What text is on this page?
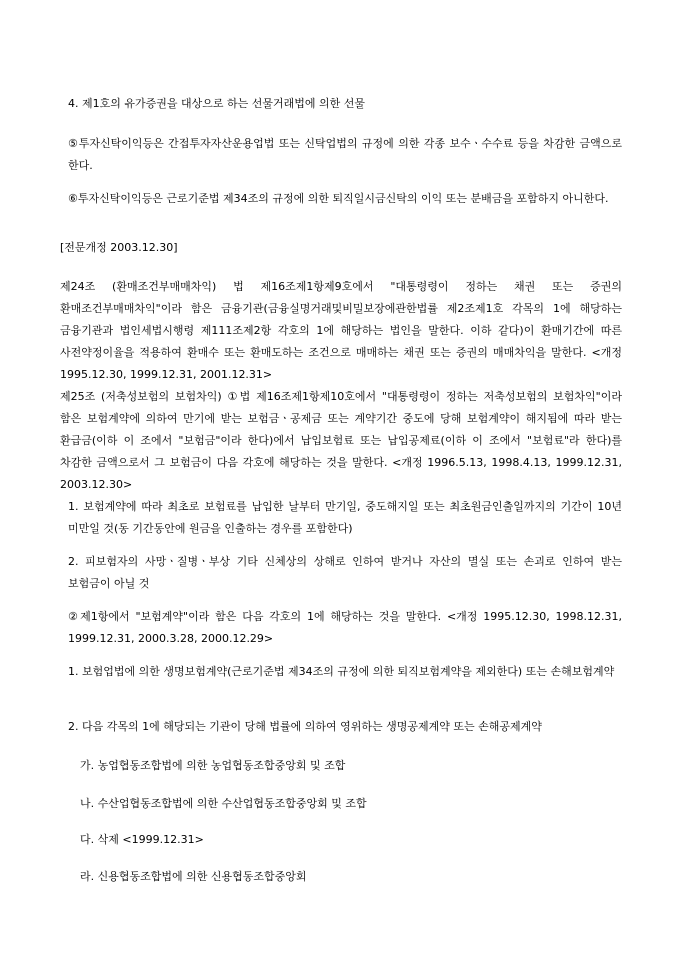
4. 제1호의 유가증권을 대상으로 하는 선물거래법에 의한 선물

⑤투자신탁이익등은 간접투자자산운용업법 또는 신탁업법의 규정에 의한 각종 보수ㆍ수수료 등을 차감한 금액으로 한다.

⑥투자신탁이익등은 근로기준법 제34조의 규정에 의한 퇴직일시금신탁의 이익 또는 분배금을 포함하지 아니한다.

[전문개정 2003.12.30]

제24조 (환매조건부매매차익) 법 제16조제1항제9호에서 "대통령령이 정하는 채권 또는 증권의 환매조건부매매차익"이라 함은 금융기관(금융실명거래및비밀보장에관한법률 제2조제1호 각목의 1에 해당하는 금융기관과 법인세법시행령 제111조제2항 각호의 1에 해당하는 법인을 말한다. 이하 같다)이 환매기간에 따른 사전약정이율을 적용하여 환매수 또는 환매도하는 조건으로 매매하는 채권 또는 증권의 매매차익을 말한다. <개정 1995.12.30, 1999.12.31, 2001.12.31>

제25조 (저축성보험의 보험차익) ①법 제16조제1항제10호에서 "대통령령이 정하는 저축성보험의 보험차익"이라 함은 보험계약에 의하여 만기에 받는 보험금ㆍ공제금 또는 계약기간 중도에 당해 보험계약이 해지됨에 따라 받는 환급금(이하 이 조에서 "보험금"이라 한다)에서 납입보험료 또는 납입공제료(이하 이 조에서 "보험료"라 한다)를 차감한 금액으로서 그 보험금이 다음 각호에 해당하는 것을 말한다. <개정 1996.5.13, 1998.4.13, 1999.12.31, 2003.12.30>

1. 보험계약에 따라 최초로 보험료를 납입한 날부터 만기일, 중도해지일 또는 최초원금인출일까지의 기간이 10년 미만일 것(동 기간동안에 원금을 인출하는 경우를 포함한다)

2. 피보험자의 사망ㆍ질병ㆍ부상 기타 신체상의 상해로 인하여 받거나 자산의 멸실 또는 손괴로 인하여 받는 보험금이 아닐 것

②제1항에서 "보험계약"이라 함은 다음 각호의 1에 해당하는 것을 말한다. <개정 1995.12.30, 1998.12.31, 1999.12.31, 2000.3.28, 2000.12.29>

1. 보험업법에 의한 생명보험계약(근로기준법 제34조의 규정에 의한 퇴직보험계약을 제외한다) 또는 손해보험계약

2. 다음 각목의 1에 해당되는 기관이 당해 법률에 의하여 영위하는 생명공제계약 또는 손해공제계약

가. 농업협동조합법에 의한 농업협동조합중앙회 및 조합

나. 수산업협동조합법에 의한 수산업협동조합중앙회 및 조합

다. 삭제 <1999.12.31>

라. 신용협동조합법에 의한 신용협동조합중앙회
